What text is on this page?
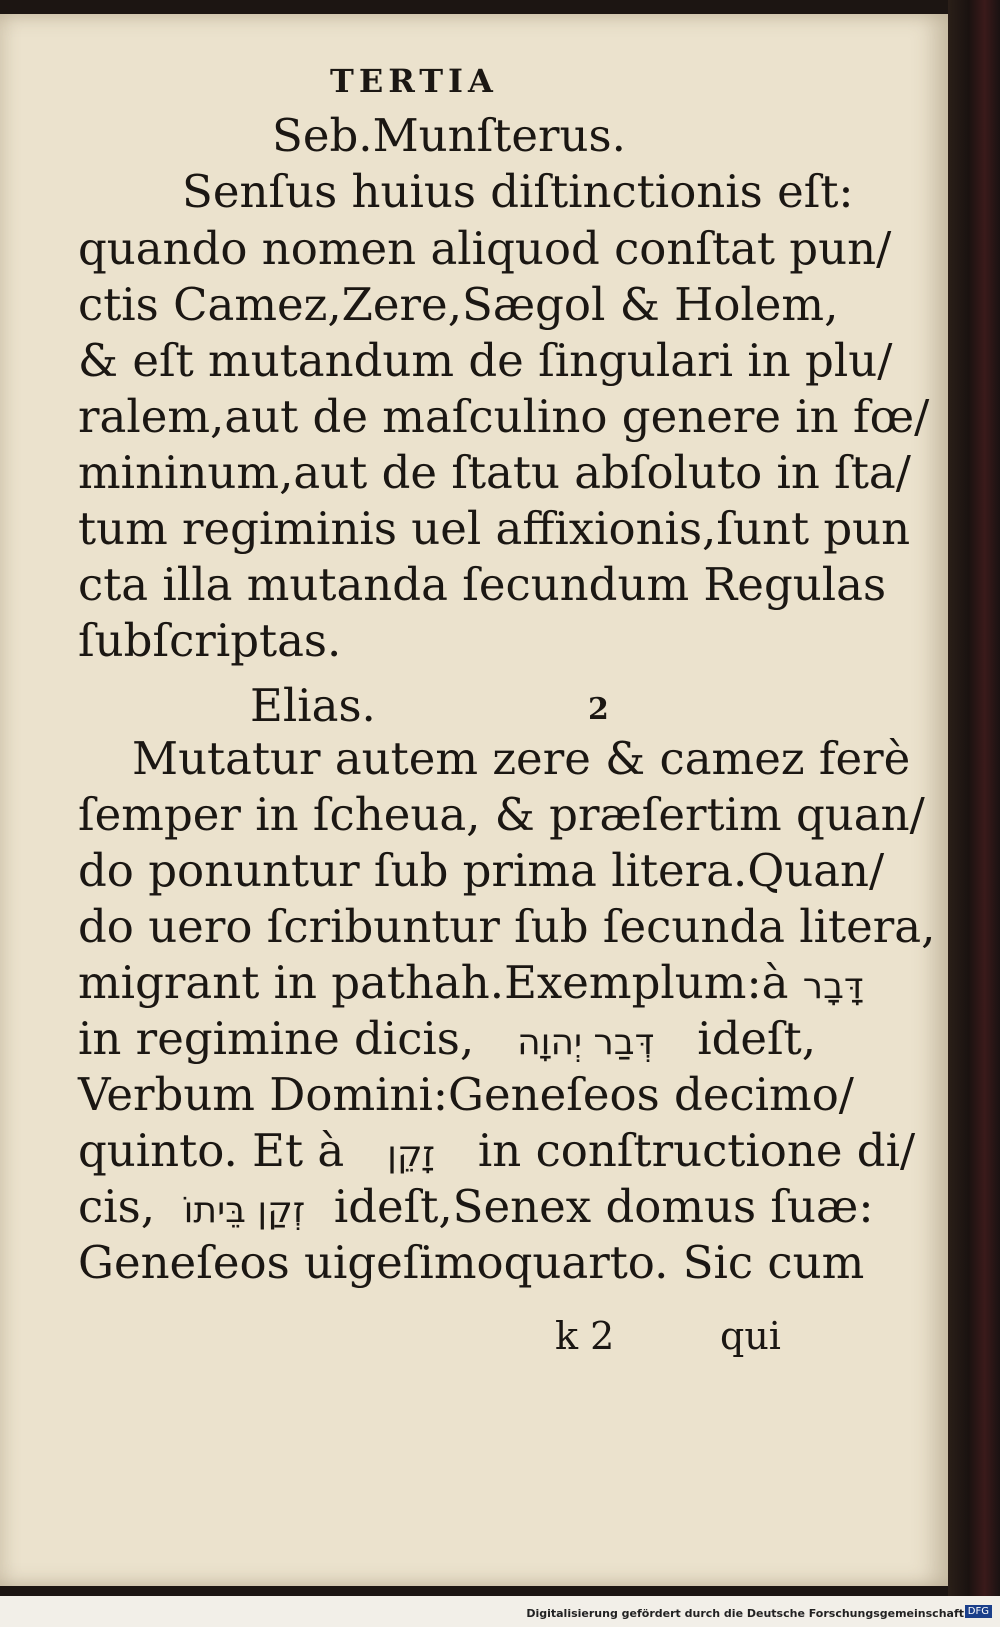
TERTIA
Seb.Munſterus.
Senſus huius diſtinctionis eſt:
quando nomen aliquod conſtat pun/
ctis Camez,Zere,Sægol & Holem,
& eſt mutandum de ſingulari in plu/
ralem,aut de maſculino genere in fœ/
mininum,aut de ſtatu abſoluto in ſta/
tum regiminis uel affixionis,ſunt pun
cta illa mutanda ſecundum Regulas
ſubſcriptas.
Elias.	2
Mutatur autem zere & camez ferè
ſemper in ſcheua, & præſertim quan/
do ponuntur ſub prima litera.Quan/
do uero ſcribuntur ſub ſecunda litera,
migrant in pathah.Exemplum:à דָּבָר
in regimine dicis, דְּבַר יְהוָה ideſt,
Verbum Domini:Geneſeos decimo/
quinto. Et à זָקֵן in conſtructione di/
cis, זְקַן בֵּיתוֹ ideſt,Senex domus ſuæ:
Geneſeos uigeſimoquarto. Sic cum
k 2	qui
Digitalisierung gefördert durch die Deutsche Forschungsgemeinschaft DFG
